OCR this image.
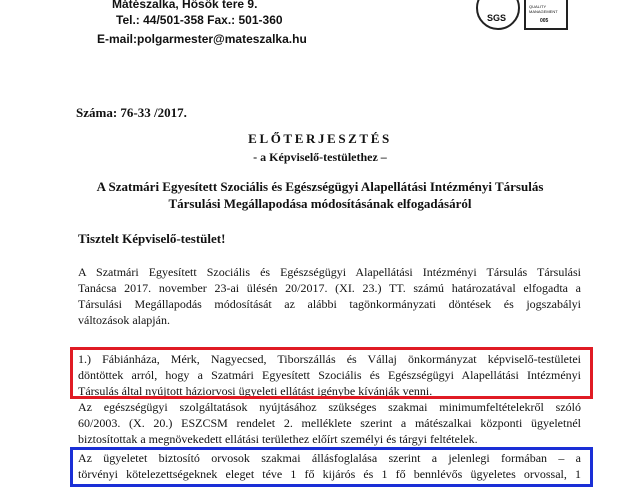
Mátészalka, Hősök tere 9.
Tel.: 44/501-358 Fax.: 501-360
E-mail:polgarmester@mateszalka.hu
SGS
QUALITY MANAGEMENT
005
Száma: 76-33 /2017.
ELŐTERJESZTÉS
- a Képviselő-testülethez –
A Szatmári Egyesített Szociális és Egészségügyi Alapellátási Intézményi Társulás
Társulási Megállapodása módosításának elfogadásáról
Tisztelt Képviselő-testület!
A Szatmári Egyesített Szociális és Egészségügyi Alapellátási Intézményi Társulás Társulási
Tanácsa 2017. november 23-ai ülésén 20/2017. (XI. 23.) TT. számú határozatával elfogadta a
Társulási Megállapodás módosítását az alábbi tagönkormányzati döntések és jogszabályi
változások alapján.
1.) Fábiánháza, Mérk, Nagyecsed, Tiborszállás és Vállaj önkormányzat képviselő-testületei
döntöttek arról, hogy a Szatmári Egyesített Szociális és Egészségügyi Alapellátási Intézményi
Társulás által nyújtott háziorvosi ügyeleti ellátást igénybe kívánják venni.
Az egészségügyi szolgáltatások nyújtásához szükséges szakmai minimumfeltételekről szóló
60/2003. (X. 20.) ESZCSM rendelet 2. melléklete szerint a mátészalkai központi ügyeletnél
biztosítottak a megnövekedett ellátási területhez előírt személyi és tárgyi feltételek.
Az ügyeletet biztosító orvosok szakmai állásfoglalása szerint a jelenlegi formában – a
törvényi kötelezettségeknek eleget téve 1 fő kijárós és 1 fő bennlévős ügyeletes orvossal, 1
